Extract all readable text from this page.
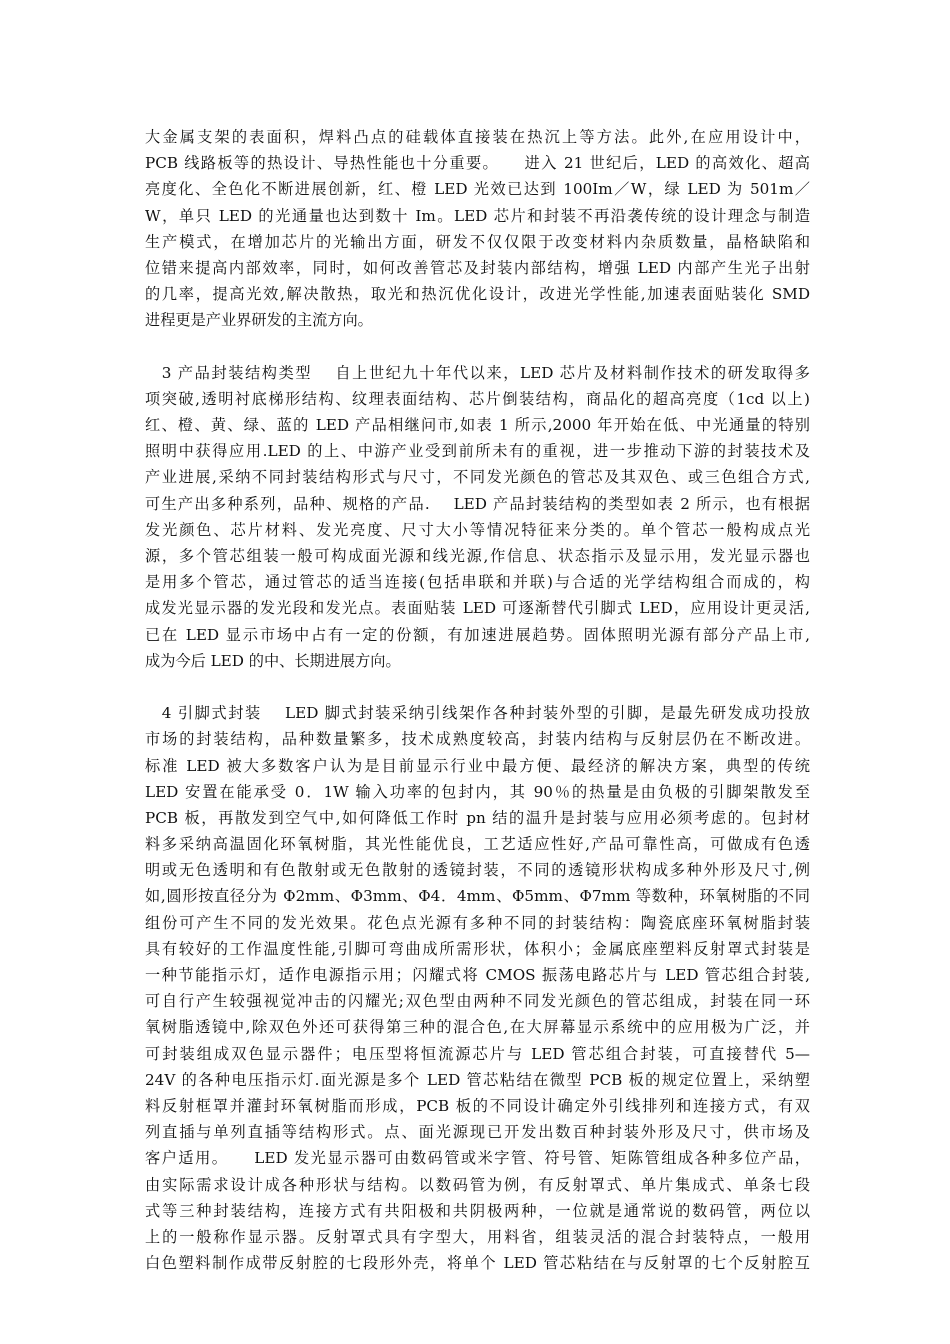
大金属支架的表面积，焊料凸点的硅载体直接装在热沉上等方法。此外,在应用设计中，
PCB 线路板等的热设计、导热性能也十分重要。　　进入 21 世纪后，LED 的高效化、超高
亮度化、全色化不断进展创新，红、橙 LED 光效已达到 100Im／W，绿 LED 为 501m／
W，单只 LED 的光通量也达到数十 Im。LED 芯片和封装不再沿袭传统的设计理念与制造
生产模式，在增加芯片的光输出方面，研发不仅仅限于改变材料内杂质数量，晶格缺陷和
位错来提高内部效率，同时，如何改善管芯及封装内部结构，增强 LED 内部产生光子出射
的几率，提高光效,解决散热，取光和热沉优化设计，改进光学性能,加速表面贴装化 SMD
进程更是产业界研发的主流方向。
　3 产品封装结构类型　 自上世纪九十年代以来，LED 芯片及材料制作技术的研发取得多
项突破,透明衬底梯形结构、纹理表面结构、芯片倒装结构，商品化的超高亮度（1cd 以上)
红、橙、黄、绿、蓝的 LED 产品相继问市,如表 1 所示,2000 年开始在低、中光通量的特别
照明中获得应用.LED 的上、中游产业受到前所未有的重视，进一步推动下游的封装技术及
产业进展,采纳不同封装结构形式与尺寸，不同发光颜色的管芯及其双色、或三色组合方式,
可生产出多种系列，品种、规格的产品.　 LED 产品封装结构的类型如表 2 所示，也有根据
发光颜色、芯片材料、发光亮度、尺寸大小等情况特征来分类的。单个管芯一般构成点光
源，多个管芯组装一般可构成面光源和线光源,作信息、状态指示及显示用，发光显示器也
是用多个管芯，通过管芯的适当连接(包括串联和并联)与合适的光学结构组合而成的，构
成发光显示器的发光段和发光点。表面贴装 LED 可逐渐替代引脚式 LED，应用设计更灵活,
已在 LED 显示市场中占有一定的份额，有加速进展趋势。固体照明光源有部分产品上市,
成为今后 LED 的中、长期进展方向。
　4 引脚式封装　 LED 脚式封装采纳引线架作各种封装外型的引脚，是最先研发成功投放
市场的封装结构，品种数量繁多，技术成熟度较高，封装内结构与反射层仍在不断改进。
标准 LED 被大多数客户认为是目前显示行业中最方便、最经济的解决方案，典型的传统
LED 安置在能承受 0．1W 输入功率的包封内，其 90％的热量是由负极的引脚架散发至
PCB 板，再散发到空气中,如何降低工作时 pn 结的温升是封装与应用必须考虑的。包封材
料多采纳高温固化环氧树脂，其光性能优良，工艺适应性好,产品可靠性高，可做成有色透
明或无色透明和有色散射或无色散射的透镜封装，不同的透镜形状构成多种外形及尺寸,例
如,圆形按直径分为 Φ2mm、Φ3mm、Φ4．4mm、Φ5mm、Φ7mm 等数种，环氧树脂的不同
组份可产生不同的发光效果。花色点光源有多种不同的封装结构：陶瓷底座环氧树脂封装
具有较好的工作温度性能,引脚可弯曲成所需形状，体积小；金属底座塑料反射罩式封装是
一种节能指示灯，适作电源指示用；闪耀式将 CMOS 振荡电路芯片与 LED 管芯组合封装,
可自行产生较强视觉冲击的闪耀光;双色型由两种不同发光颜色的管芯组成，封装在同一环
氧树脂透镜中,除双色外还可获得第三种的混合色,在大屏幕显示系统中的应用极为广泛，并
可封装组成双色显示器件；电压型将恒流源芯片与 LED 管芯组合封装，可直接替代 5—
24V 的各种电压指示灯.面光源是多个 LED 管芯粘结在微型 PCB 板的规定位置上，采纳塑
料反射框罩并灌封环氧树脂而形成，PCB 板的不同设计确定外引线排列和连接方式，有双
列直插与单列直插等结构形式。点、面光源现已开发出数百种封装外形及尺寸，供市场及
客户适用。　　LED 发光显示器可由数码管或米字管、符号管、矩陈管组成各种多位产品，
由实际需求设计成各种形状与结构。以数码管为例，有反射罩式、单片集成式、单条七段
式等三种封装结构，连接方式有共阳极和共阴极两种，一位就是通常说的数码管，两位以
上的一般称作显示器。反射罩式具有字型大，用料省，组装灵活的混合封装特点，一般用
白色塑料制作成带反射腔的七段形外壳，将单个 LED 管芯粘结在与反射罩的七个反射腔互
